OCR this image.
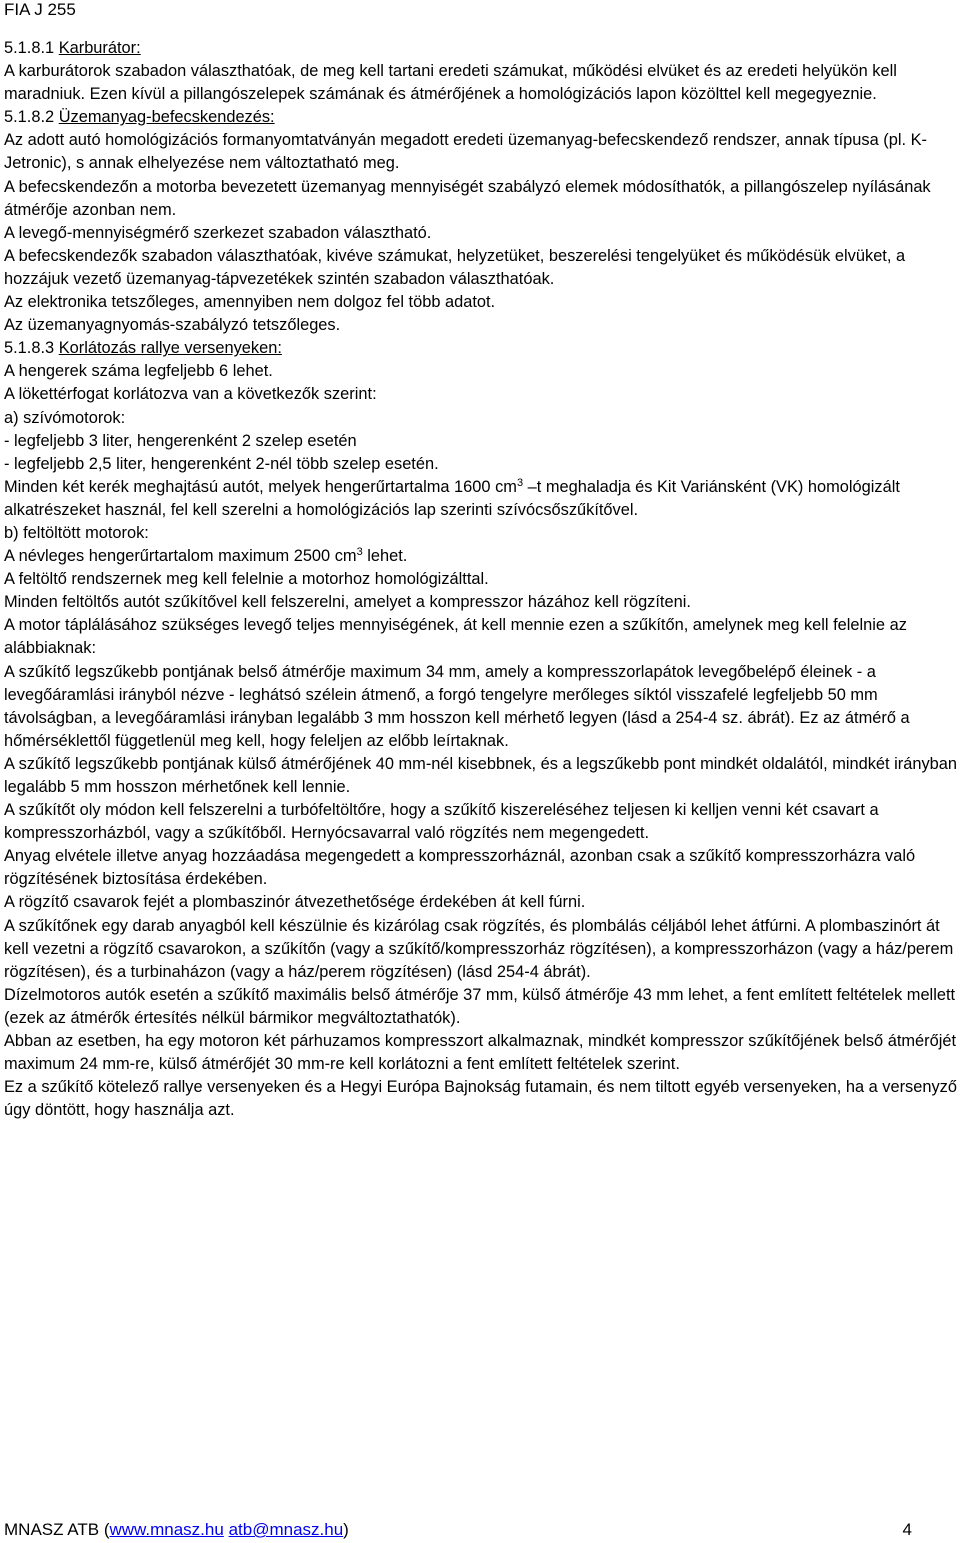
FIA J 255

5.1.8.1 Karburátor:

A karburátorok szabadon választhatóak, de meg kell tartani eredeti számukat, működési elvüket és az eredeti helyükön kell maradniuk. Ezen kívül a pillangószelepek számának és átmérőjének a homológizációs lapon közölttel kell megegyeznie.

5.1.8.2 Üzemanyag-befecskendezés:

Az adott autó homológizációs formanyomtatványán megadott eredeti üzemanyag-befecskendező rendszer, annak típusa (pl. K-Jetronic), s annak elhelyezése nem változtatható meg.

A befecskendezőn a motorba bevezetett üzemanyag mennyiségét szabályzó elemek módosíthatók, a pillangószelep nyílásának átmérője azonban nem.

A levegő-mennyiségmérő szerkezet szabadon választható.

A befecskendezők szabadon választhatóak, kivéve számukat, helyzetüket, beszerelési tengelyüket és működésük elvüket, a hozzájuk vezető üzemanyag-tápvezetékek szintén szabadon választhatóak.

Az elektronika tetszőleges, amennyiben nem dolgoz fel több adatot.

Az üzemanyagnyomás-szabályzó tetszőleges.

5.1.8.3 Korlátozás rallye versenyeken:

A hengerek száma legfeljebb 6 lehet.

A lökettérfogat korlátozva van a következők szerint:

a) szívómotorok:

- legfeljebb 3 liter, hengerenként 2 szelep esetén

- legfeljebb 2,5 liter, hengerenként 2-nél több szelep esetén.

Minden két kerék meghajtású autót, melyek hengerűrtartalma 1600 $cm^3$ –t meghaladja és Kit Variánsként (VK) homológizált alkatrészeket használ, fel kell szerelni a homológizációs lap szerinti szívócsőszűkítővel.

b) feltöltött motorok:

A névleges hengerűrtartalom maximum 2500 $cm^3$ lehet.

A feltöltő rendszernek meg kell felelnie a motorhoz homológizálttal.

Minden feltöltős autót szűkítővel kell felszerelni, amelyet a kompresszor házához kell rögzíteni.

A motor táplálásához szükséges levegő teljes mennyiségének, át kell mennie ezen a szűkítőn, amelynek meg kell felelnie az alábbiaknak:

A szűkítő legszűkebb pontjának belső átmérője maximum 34 mm, amely a kompresszorlapátok levegőbelépő éleinek - a levegőáramlási irányból nézve - leghátsó szélein átmenő, a forgó tengelyre merőleges síktól visszafelé legfeljebb 50 mm távolságban, a levegőáramlási irányban legalább 3 mm hosszon kell mérhető legyen (lásd a 254-4 sz. ábrát). Ez az átmérő a hőmérséklettől függetlenül meg kell, hogy feleljen az előbb leírtaknak.

A szűkítő legszűkebb pontjának külső átmérőjének 40 mm-nél kisebbnek, és a legszűkebb pont mindkét oldalától, mindkét irányban legalább 5 mm hosszon mérhetőnek kell lennie.

A szűkítőt oly módon kell felszerelni a turbófeltöltőre, hogy a szűkítő kiszereléséhez teljesen ki kelljen venni két csavart a kompresszorházból, vagy a szűkítőből. Hernyócsavarral való rögzítés nem megengedett.

Anyag elvétele illetve anyag hozzáadása megengedett a kompresszorháznál, azonban csak a szűkítő kompresszorházra való rögzítésének biztosítása érdekében.

A rögzítő csavarok fejét a plombaszinór átvezethetősége érdekében át kell fúrni.

A szűkítőnek egy darab anyagból kell készülnie és kizárólag csak rögzítés, és plombálás céljából lehet átfúrni. A plombaszinórt át kell vezetni a rögzítő csavarokon, a szűkítőn (vagy a szűkítő/kompresszorház rögzítésen), a kompresszorházon (vagy a ház/perem rögzítésen), és a turbinaházon (vagy a ház/perem rögzítésen) (lásd 254-4 ábrát).

Dízelmotoros autók esetén a szűkítő maximális belső átmérője 37 mm, külső átmérője 43 mm lehet, a fent említett feltételek mellett (ezek az átmérők értesítés nélkül bármikor megváltoztathatók).

Abban az esetben, ha egy motoron két párhuzamos kompresszort alkalmaznak, mindkét kompresszor szűkítőjének belső átmérőjét maximum 24 mm-re, külső átmérőjét 30 mm-re kell korlátozni a fent említett feltételek szerint.

Ez a szűkítő kötelező rallye versenyeken és a Hegyi Európa Bajnokság futamain, és nem tiltott egyéb versenyeken, ha a versenyző úgy döntött, hogy használja azt.

MNASZ ATB (www.mnasz.hu atb@mnasz.hu)	4
